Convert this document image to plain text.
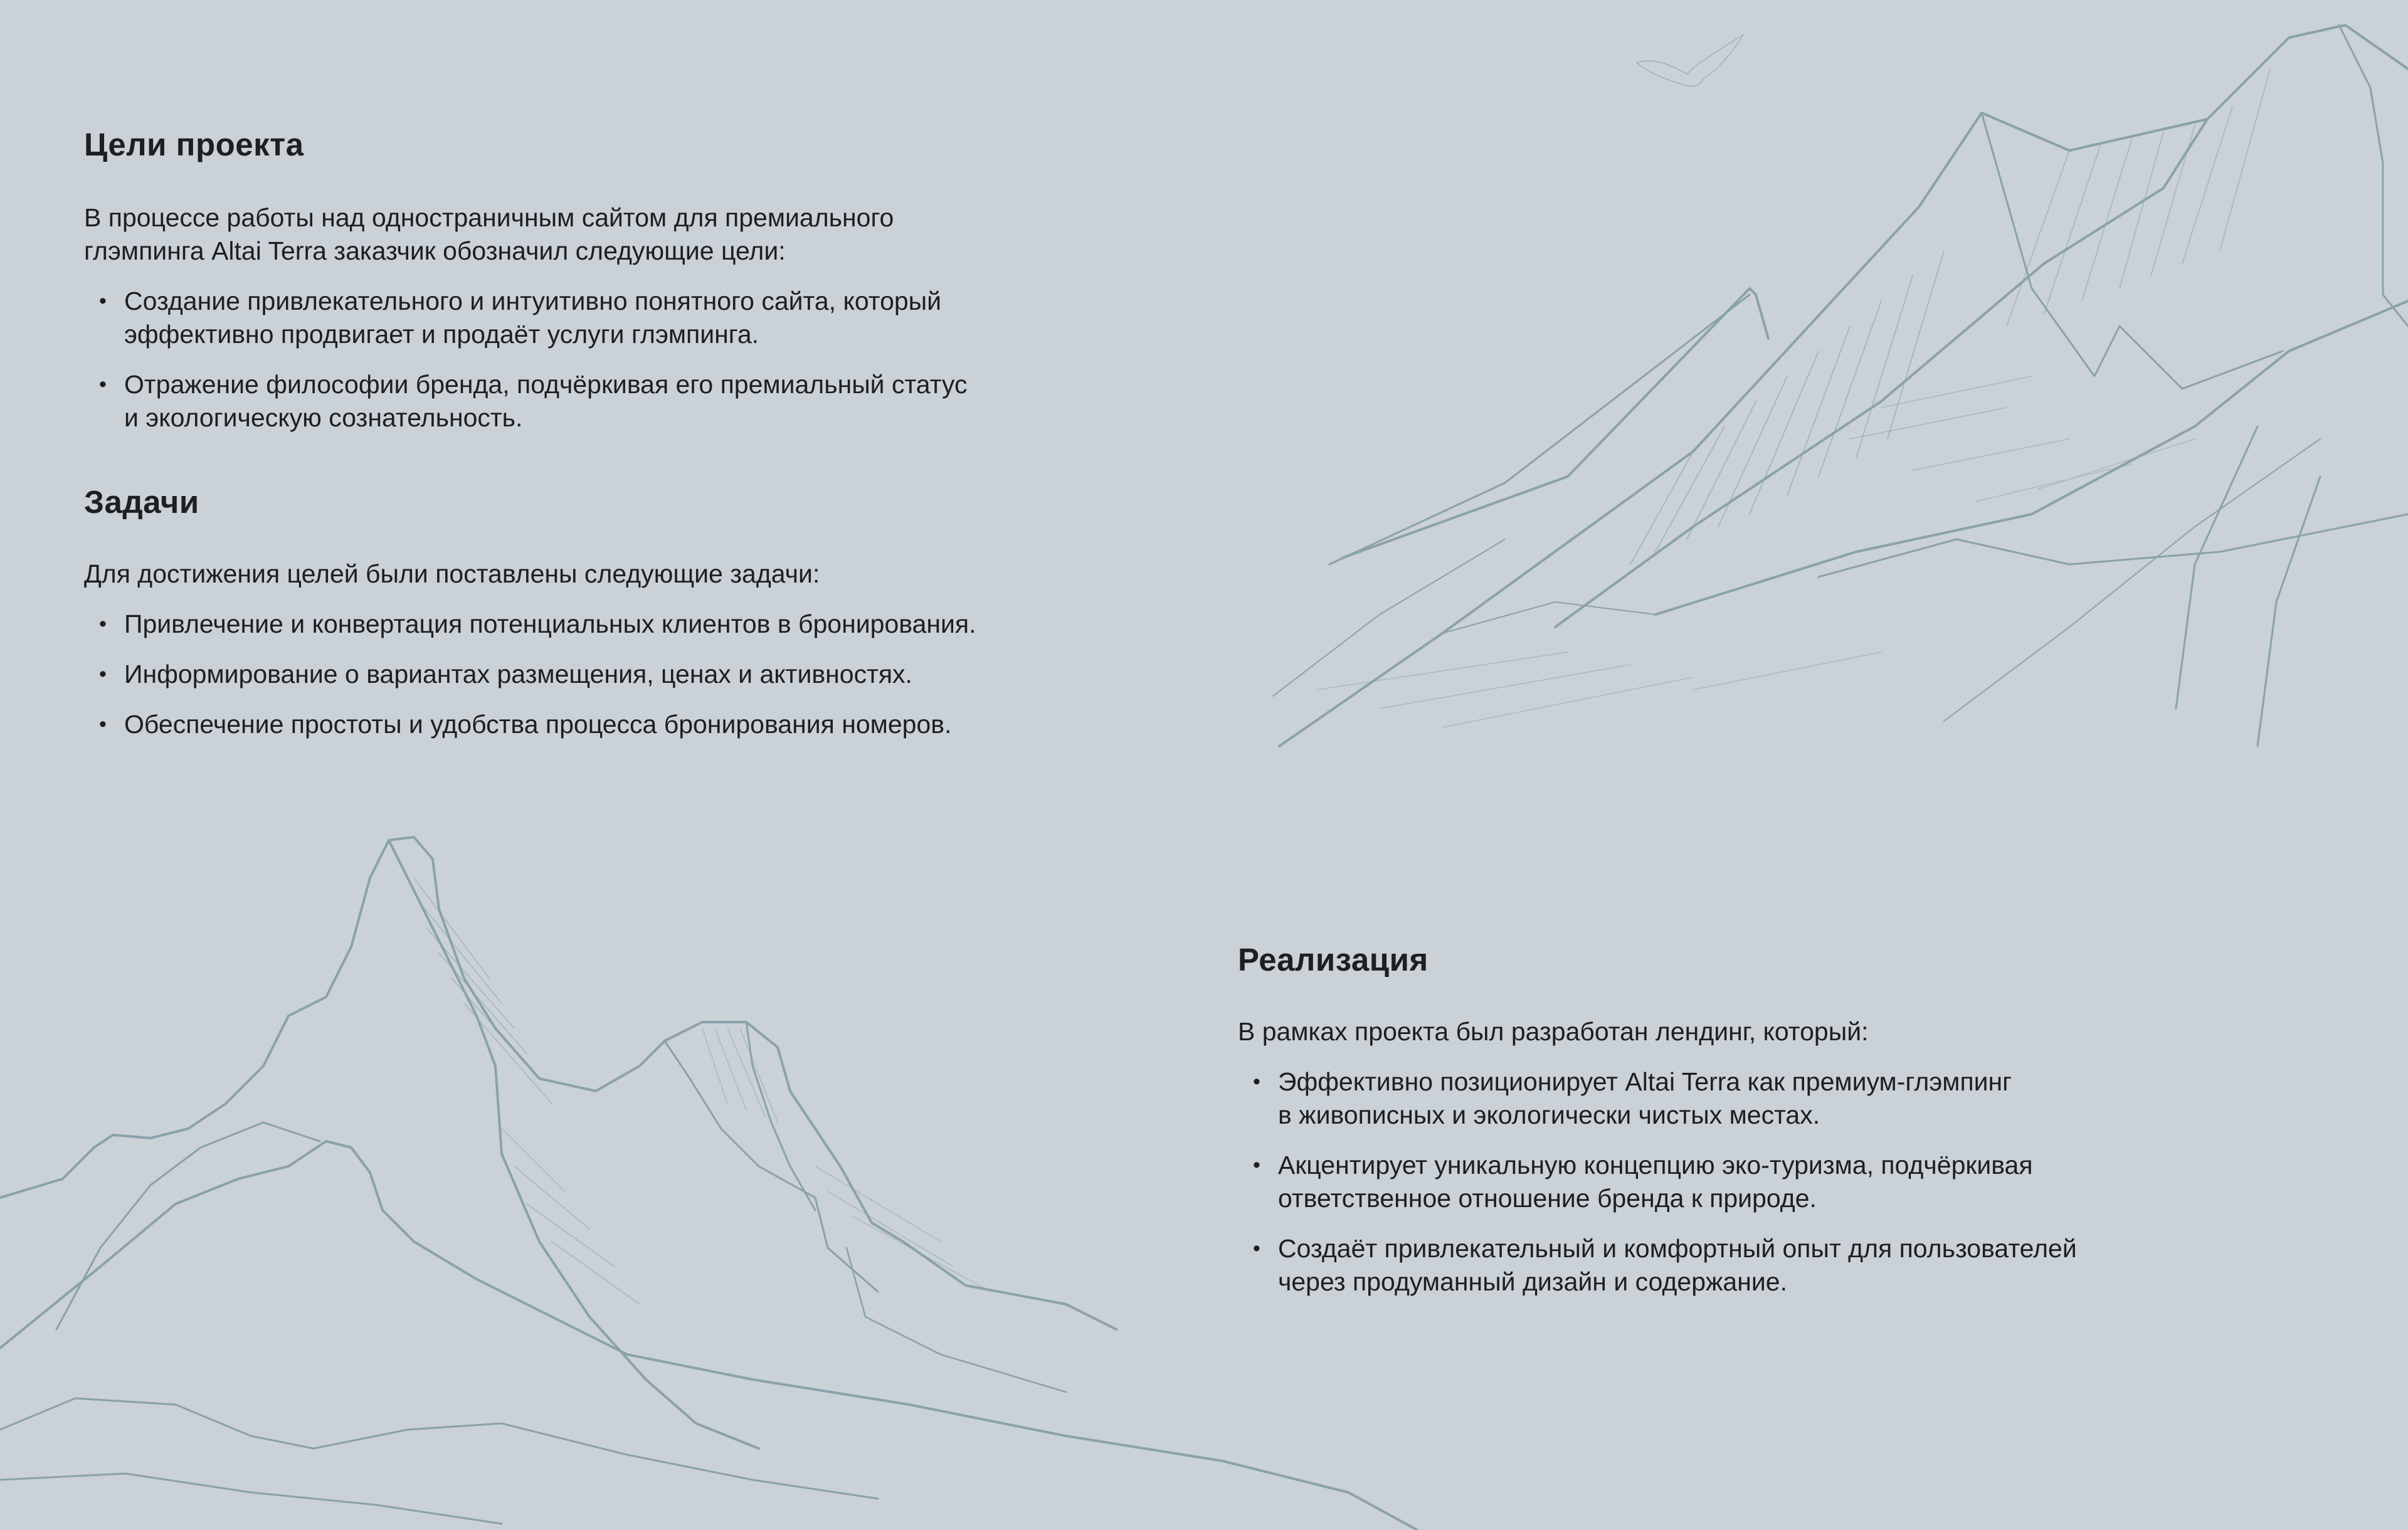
Цели проекта

В процессе работы над одностраничным сайтом для премиального
глэмпинга Altai Terra заказчик обозначил следующие цели:

• Создание привлекательного и интуитивно понятного сайта, который
эффективно продвигает и продаёт услуги глэмпинга.
• Отражение философии бренда, подчёркивая его премиальный статус
и экологическую сознательность.
Задачи

Для достижения целей были поставлены следующие задачи:

• Привлечение и конвертация потенциальных клиентов в бронирования.
• Информирование о вариантах размещения, ценах и активностях.
• Обеспечение простоты и удобства процесса бронирования номеров.
Реализация

В рамках проекта был разработан лендинг, который:

• Эффективно позиционирует Altai Terra как премиум-глэмпинг
в живописных и экологически чистых местах.
• Акцентирует уникальную концепцию эко-туризма, подчёркивая
ответственное отношение бренда к природе.
• Создаёт привлекательный и комфортный опыт для пользователей
через продуманный дизайн и содержание.
